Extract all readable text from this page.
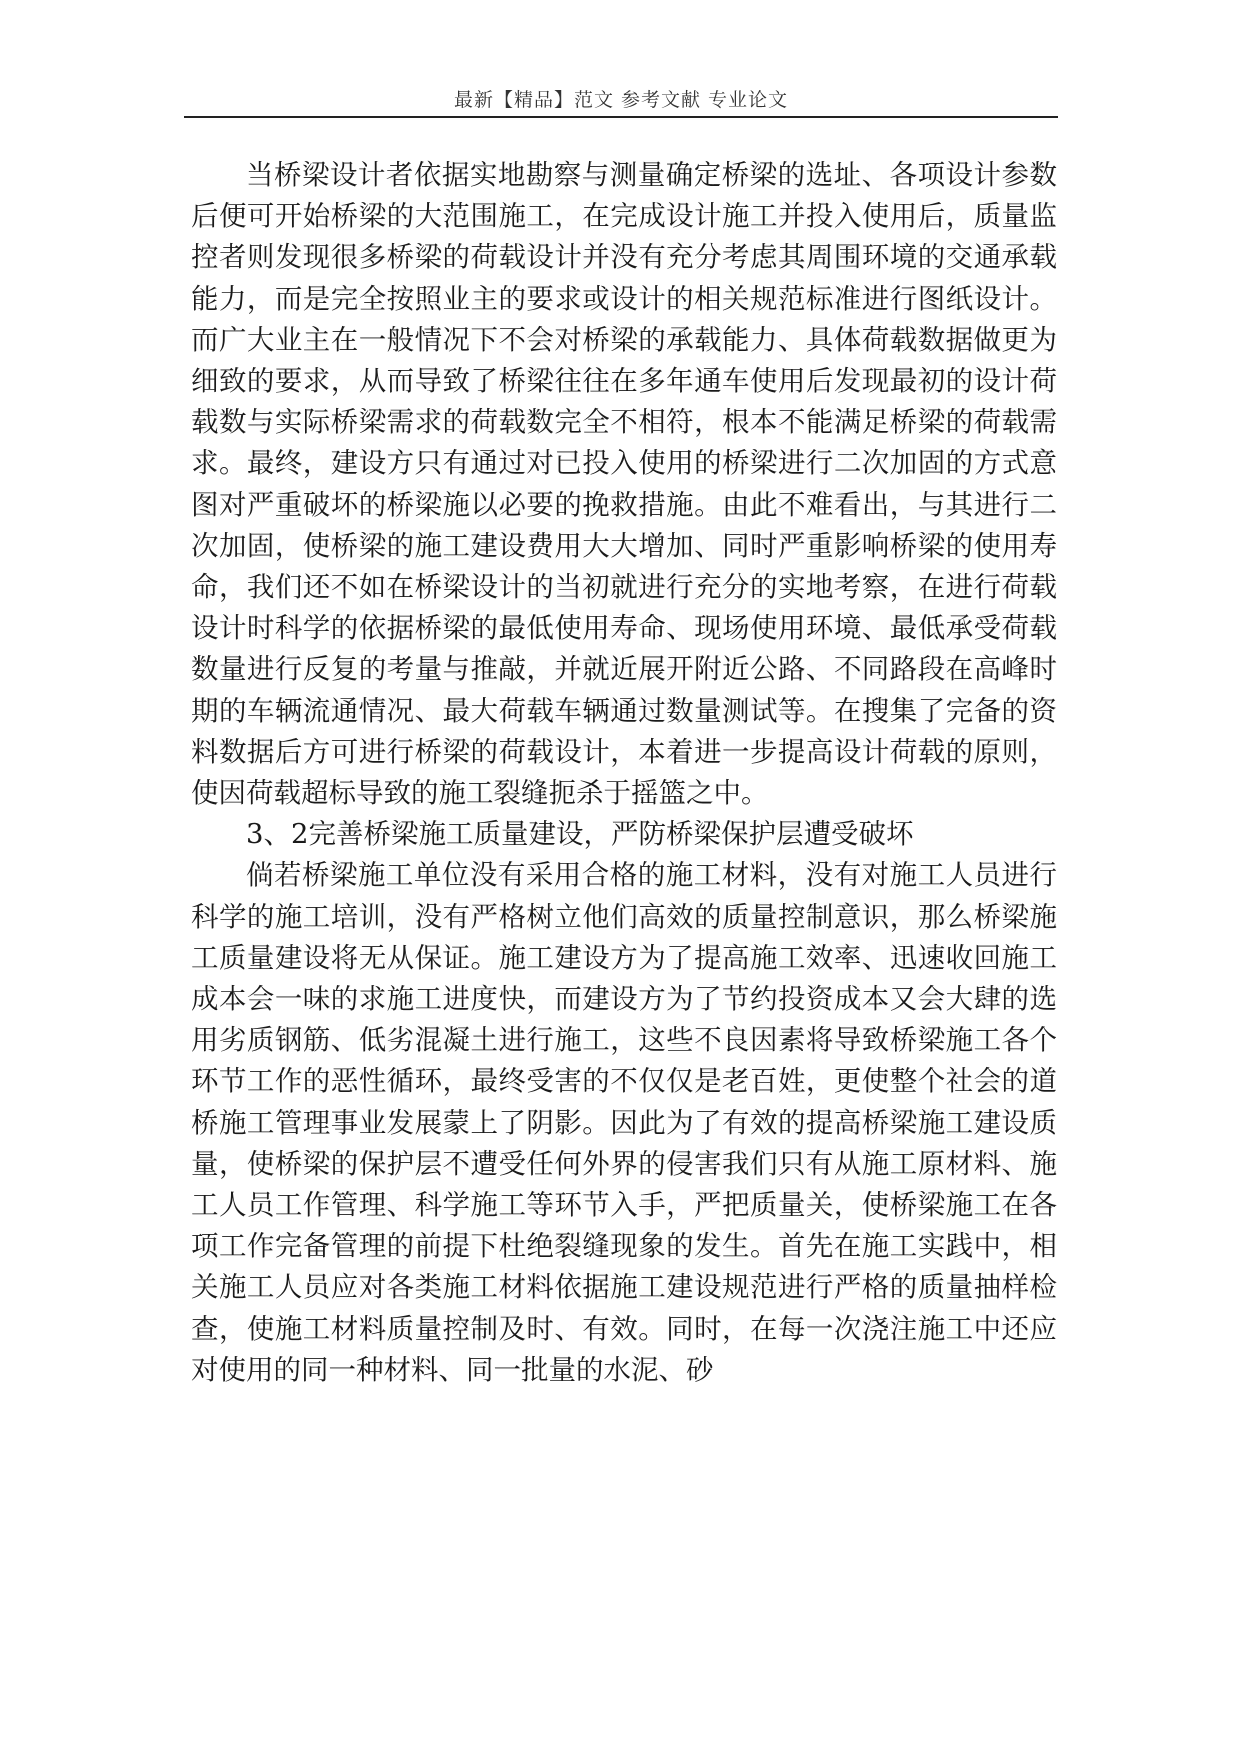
最新【精品】范文 参考文献 专业论文

当桥梁设计者依据实地勘察与测量确定桥梁的选址、各项设计参数后便可开始桥梁的大范围施工，在完成设计施工并投入使用后，质量监控者则发现很多桥梁的荷载设计并没有充分考虑其周围环境的交通承载能力，而是完全按照业主的要求或设计的相关规范标准进行图纸设计。而广大业主在一般情况下不会对桥梁的承载能力、具体荷载数据做更为细致的要求，从而导致了桥梁往往在多年通车使用后发现最初的设计荷载数与实际桥梁需求的荷载数完全不相符，根本不能满足桥梁的荷载需求。最终，建设方只有通过对已投入使用的桥梁进行二次加固的方式意图对严重破坏的桥梁施以必要的挽救措施。由此不难看出，与其进行二次加固，使桥梁的施工建设费用大大增加、同时严重影响桥梁的使用寿命，我们还不如在桥梁设计的当初就进行充分的实地考察，在进行荷载设计时科学的依据桥梁的最低使用寿命、现场使用环境、最低承受荷载数量进行反复的考量与推敲，并就近展开附近公路、不同路段在高峰时期的车辆流通情况、最大荷载车辆通过数量测试等。在搜集了完备的资料数据后方可进行桥梁的荷载设计，本着进一步提高设计荷载的原则，使因荷载超标导致的施工裂缝扼杀于摇篮之中。

3、2完善桥梁施工质量建设，严防桥梁保护层遭受破坏

倘若桥梁施工单位没有采用合格的施工材料，没有对施工人员进行科学的施工培训，没有严格树立他们高效的质量控制意识，那么桥梁施工质量建设将无从保证。施工建设方为了提高施工效率、迅速收回施工成本会一味的求施工进度快，而建设方为了节约投资成本又会大肆的选用劣质钢筋、低劣混凝土进行施工，这些不良因素将导致桥梁施工各个环节工作的恶性循环，最终受害的不仅仅是老百姓，更使整个社会的道桥施工管理事业发展蒙上了阴影。因此为了有效的提高桥梁施工建设质量，使桥梁的保护层不遭受任何外界的侵害我们只有从施工原材料、施工人员工作管理、科学施工等环节入手，严把质量关，使桥梁施工在各项工作完备管理的前提下杜绝裂缝现象的发生。首先在施工实践中，相关施工人员应对各类施工材料依据施工建设规范进行严格的质量抽样检查，使施工材料质量控制及时、有效。同时，在每一次浇注施工中还应对使用的同一种材料、同一批量的水泥、砂
